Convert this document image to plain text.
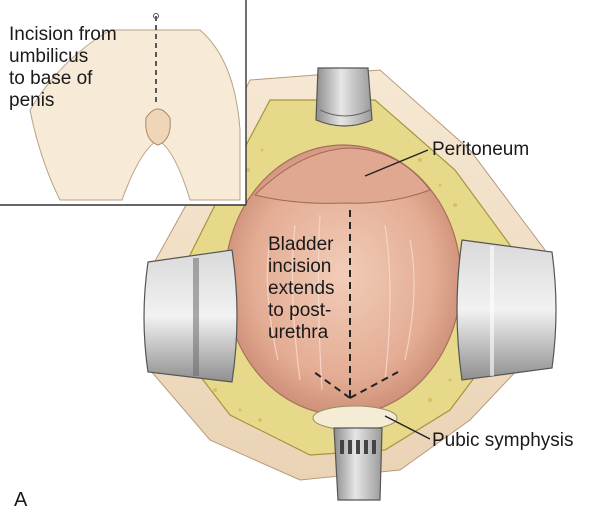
Incision from umbilicus to base of penis
Peritoneum
Pubic symphysis
Bladder incision extends to post- urethra
A
